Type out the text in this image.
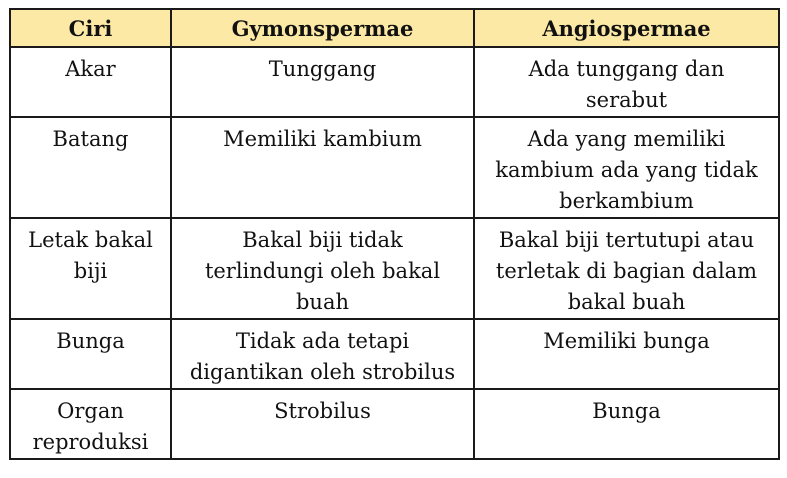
Ciri	Gymonspermae	Angiospermae

Akar	Tunggang	Ada tunggang dan serabut

Batang	Memiliki kambium	Ada yang memiliki kambium ada yang tidak berkambium

Letak bakal biji	Bakal biji tidak terlindungi oleh bakal buah	Bakal biji tertutupi atau terletak di bagian dalam bakal buah

Bunga	Tidak ada tetapi digantikan oleh strobilus	Memiliki bunga

Organ reproduksi	Strobilus	Bunga
